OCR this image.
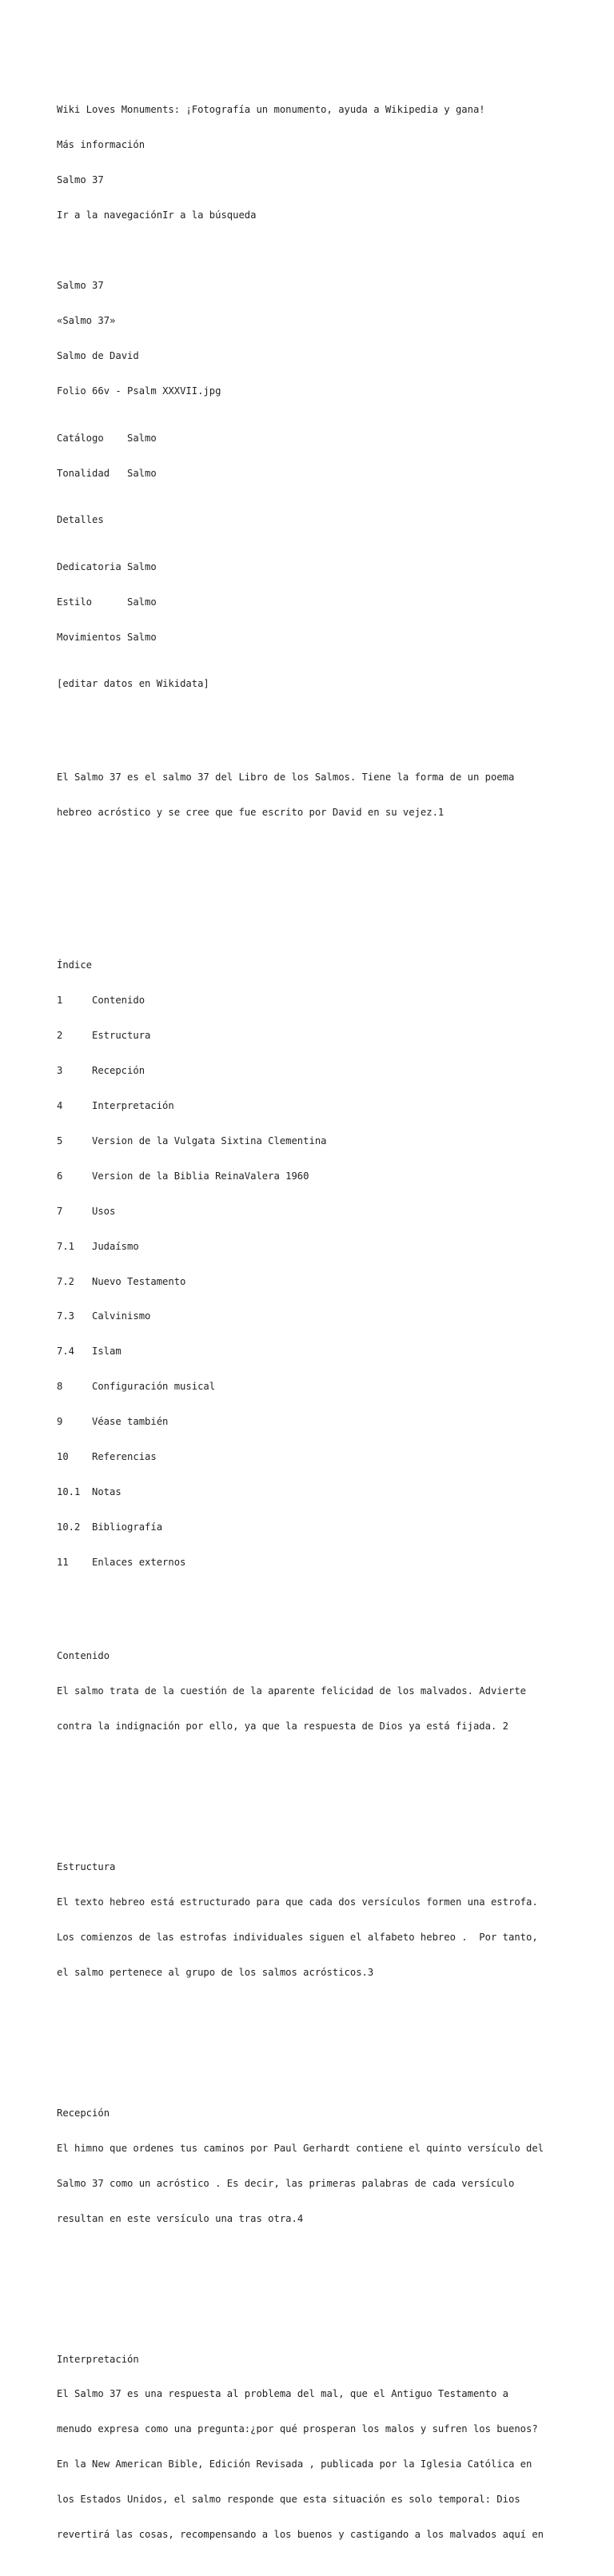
Wiki Loves Monuments: ¡Fotografía un monumento, ayuda a Wikipedia y gana!

Más información

Salmo 37

Ir a la navegaciónIr a la búsqueda

Salmo 37

«Salmo 37»

Salmo de David

Folio 66v - Psalm XXXVII.jpg

Catálogo	Salmo

Tonalidad	Salmo

Detalles

Dedicatoria Salmo

Estilo	Salmo

Movimientos Salmo

[editar datos en Wikidata]

El Salmo 37 es el salmo 37 del Libro de los Salmos. Tiene la forma de un poema

hebreo acróstico y se cree que fue escrito por David en su vejez.1

Índice

1	Contenido

2	Estructura

3	Recepción

4	Interpretación

5	Version de la Vulgata Sixtina Clementina

6	Version de la Biblia ReinaValera 1960

7	Usos

7.1	Judaísmo

7.2	Nuevo Testamento

7.3	Calvinismo

7.4	Islam

8	Configuración musical

9	Véase también

10	Referencias

10.1	Notas

10.2	Bibliografía

11	Enlaces externos

Contenido

El salmo trata de la cuestión de la aparente felicidad de los malvados. Advierte

contra la indignación por ello, ya que la respuesta de Dios ya está fijada. 2

Estructura

El texto hebreo está estructurado para que cada dos versículos formen una estrofa.

Los comienzos de las estrofas individuales siguen el alfabeto hebreo .  Por tanto,

el salmo pertenece al grupo de los salmos acrósticos.3

Recepción

El himno que ordenes tus caminos por Paul Gerhardt contiene el quinto versículo del

Salmo 37 como un acróstico . Es decir, las primeras palabras de cada versículo

resultan en este versículo una tras otra.4

Interpretación

El Salmo 37 es una respuesta al problema del mal, que el Antiguo Testamento a

menudo expresa como una pregunta:¿por qué prosperan los malos y sufren los buenos?

En la New American Bible, Edición Revisada , publicada por la Iglesia Católica en

los Estados Unidos, el salmo responde que esta situación es solo temporal: Dios

revertirá las cosas, recompensando a los buenos y castigando a los malvados aquí en
